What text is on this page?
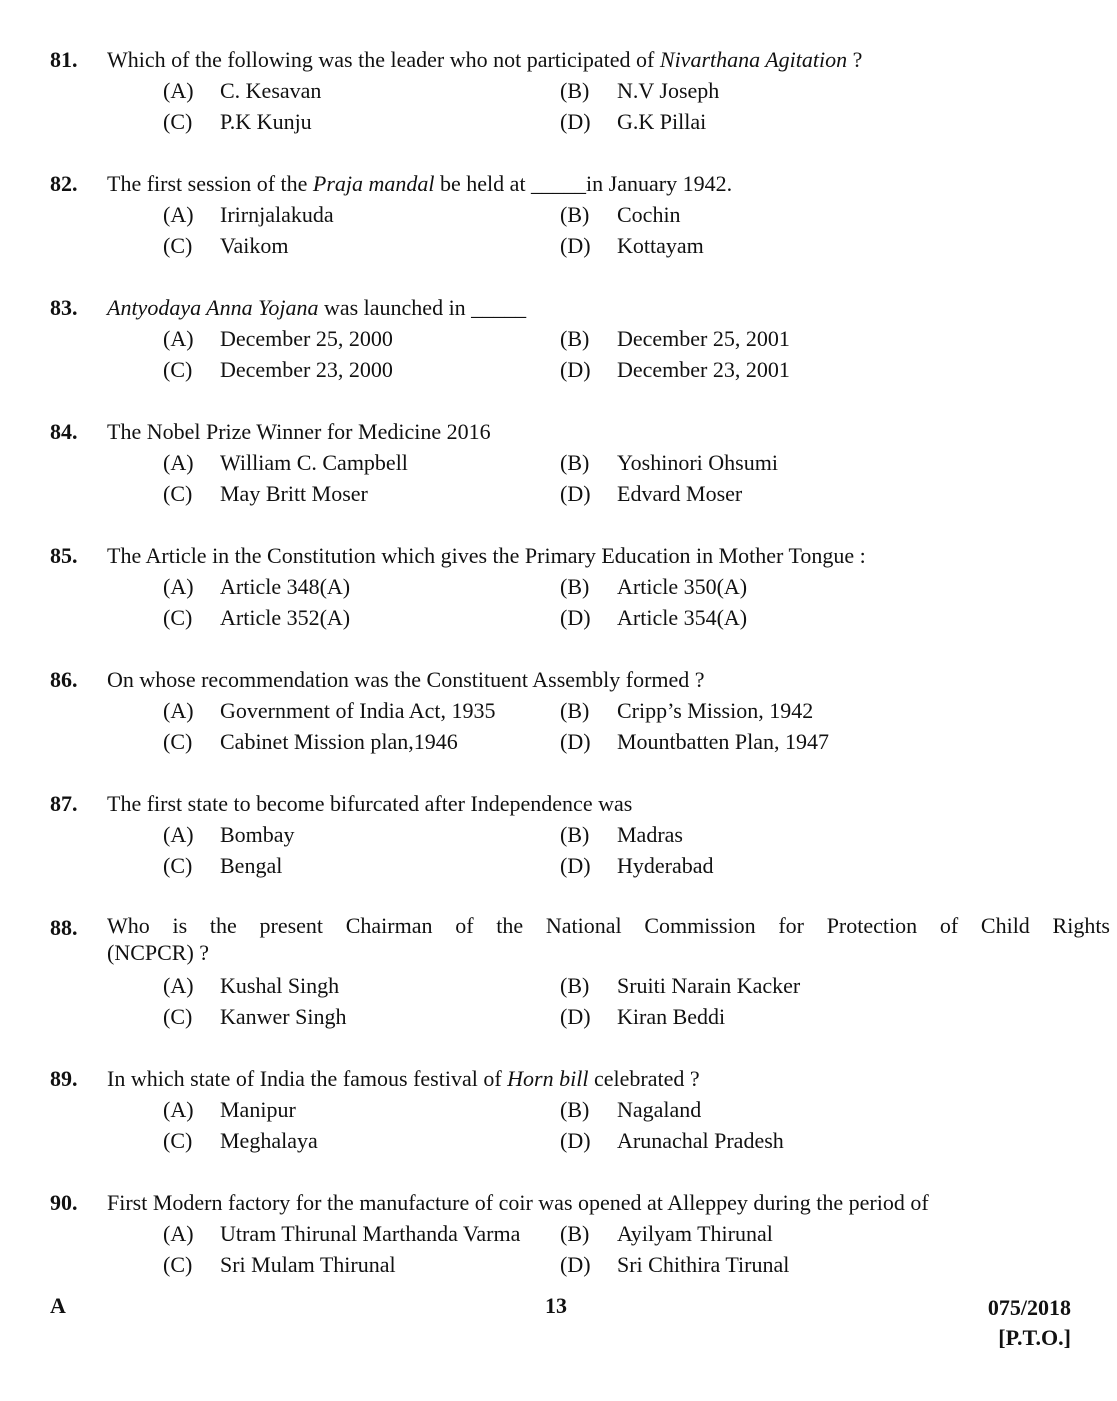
81. Which of the following was the leader who not participated of Nivarthana Agitation ?
(A) C. Kesavan	(B) N.V Joseph
(C) P.K Kunju	(D) G.K Pillai
82. The first session of the Praja mandal be held at _____in January 1942.
(A) Irirnjalakuda	(B) Cochin
(C) Vaikom	(D) Kottayam
83. Antyodaya Anna Yojana was launched in _____
(A) December 25, 2000	(B) December 25, 2001
(C) December 23, 2000	(D) December 23, 2001
84. The Nobel Prize Winner for Medicine 2016
(A) William C. Campbell	(B) Yoshinori Ohsumi
(C) May Britt Moser	(D) Edvard Moser
85. The Article in the Constitution which gives the Primary Education in Mother Tongue :
(A) Article 348(A)	(B) Article 350(A)
(C) Article 352(A)	(D) Article 354(A)
86. On whose recommendation was the Constituent Assembly formed ?
(A) Government of India Act, 1935	(B) Cripp’s Mission, 1942
(C) Cabinet Mission plan,1946	(D) Mountbatten Plan, 1947
87. The first state to become bifurcated after Independence was
(A) Bombay	(B) Madras
(C) Bengal	(D) Hyderabad
88. Who is the present Chairman of the National Commission for Protection of Child Rights
(NCPCR) ?
(A) Kushal Singh	(B) Sruiti Narain Kacker
(C) Kanwer Singh	(D) Kiran Beddi
89. In which state of India the famous festival of Horn bill celebrated ?
(A) Manipur	(B) Nagaland
(C) Meghalaya	(D) Arunachal Pradesh
90. First Modern factory for the manufacture of coir was opened at Alleppey during the period of
(A) Utram Thirunal Marthanda Varma (B) Ayilyam Thirunal
(C) Sri Mulam Thirunal	(D) Sri Chithira Tirunal
A	13	075/2018
[P.T.O.]
